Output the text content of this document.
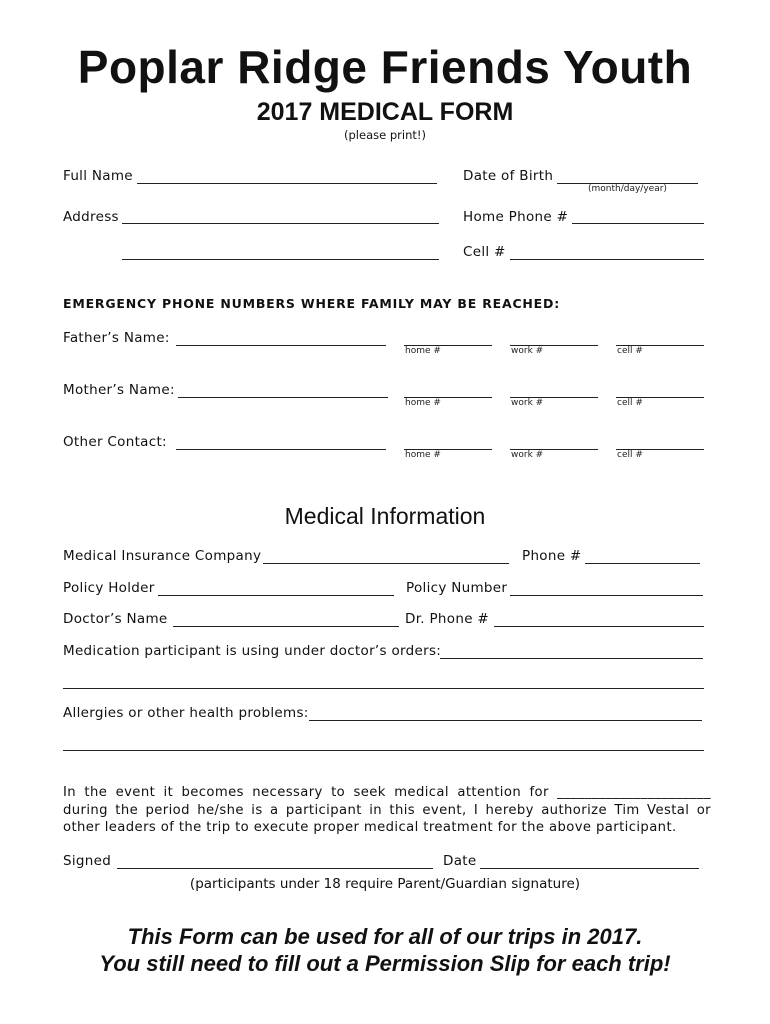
Poplar Ridge Friends Youth
2017 MEDICAL FORM
(please print!)
Full Name	Date of Birth
(month/day/year)
Address	Home Phone #
Cell #
EMERGENCY PHONE NUMBERS WHERE FAMILY MAY BE REACHED:
Father’s Name:
home #	work #	cell #
Mother’s Name:
home #	work #	cell #
Other Contact:
home #	work #	cell #
Medical Information
Medical Insurance Company	Phone #
Policy Holder	Policy Number
Doctor’s Name	Dr. Phone #
Medication participant is using under doctor’s orders:
Allergies or other health problems:
In the event it becomes necessary to seek medical attention for ______________________ during the period he/she is a participant in this event, I hereby authorize Tim Vestal or other leaders of the trip to execute proper medical treatment for the above participant.
Signed	Date
(participants under 18 require Parent/Guardian signature)
This Form can be used for all of our trips in 2017.
You still need to fill out a Permission Slip for each trip!
